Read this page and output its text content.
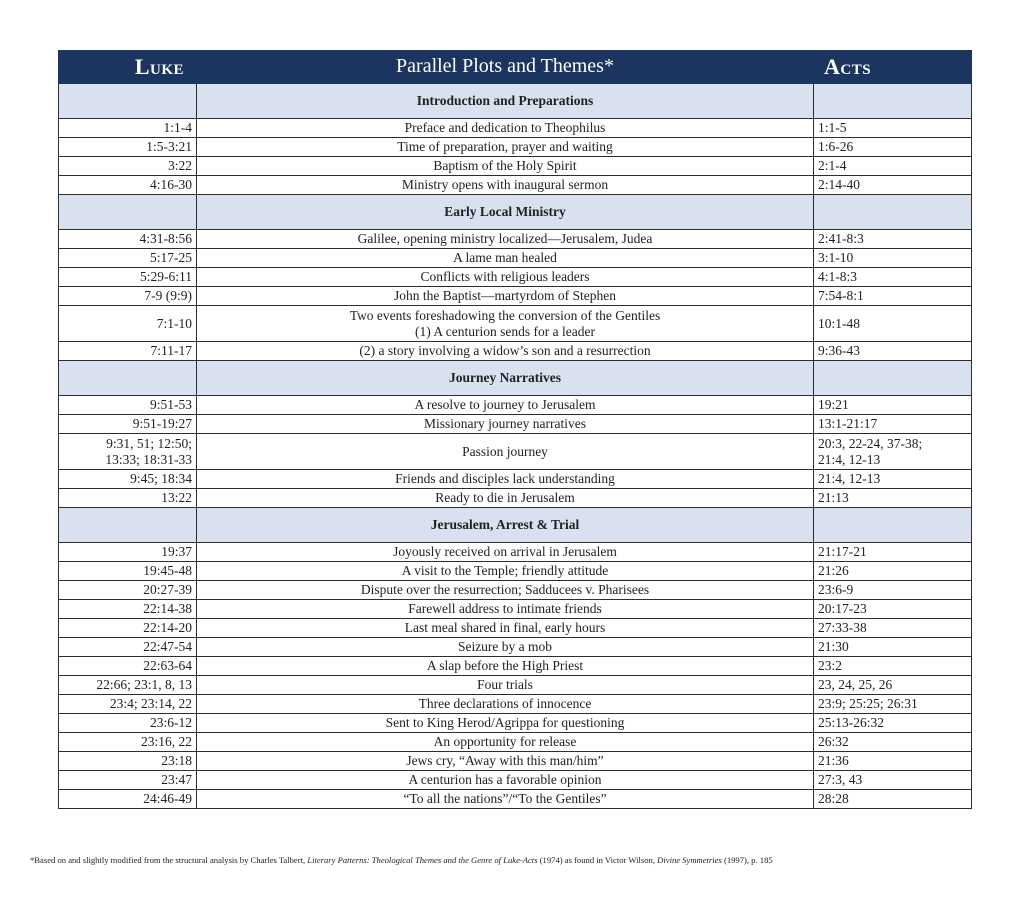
Luke	Parallel Plots and Themes*	Acts
	Introduction and Preparations	

1:1-4	Preface and dedication to Theophilus	1:1-5

1:5-3:21	Time of preparation, prayer and waiting	1:6-26

3:22	Baptism of the Holy Spirit	2:1-4

4:16-30	Ministry opens with inaugural sermon	2:14-40

	Early Local Ministry	

4:31-8:56	Galilee, opening ministry localized—Jerusalem, Judea	2:41-8:3

5:17-25	A lame man healed	3:1-10

5:29-6:11	Conflicts with religious leaders	4:1-8:3

7-9 (9:9)	John the Baptist—martyrdom of Stephen	7:54-8:1

7:1-10	Two events foreshadowing the conversion of the Gentiles
(1) A centurion sends for a leader	10:1-48

7:11-17	(2) a story involving a widow’s son and a resurrection	9:36-43

	Journey Narratives	

9:51-53	A resolve to journey to Jerusalem	19:21

9:51-19:27	Missionary journey narratives	13:1-21:17

9:31, 51; 12:50;
13:33; 18:31-33	Passion journey	20:3, 22-24, 37-38;
21:4, 12-13

9:45; 18:34	Friends and disciples lack understanding	21:4, 12-13

13:22	Ready to die in Jerusalem	21:13

	Jerusalem, Arrest & Trial	

19:37	Joyously received on arrival in Jerusalem	21:17-21

19:45-48	A visit to the Temple; friendly attitude	21:26

20:27-39	Dispute over the resurrection; Sadducees v. Pharisees	23:6-9

22:14-38	Farewell address to intimate friends	20:17-23

22:14-20	Last meal shared in final, early hours	27:33-38

22:47-54	Seizure by a mob	21:30

22:63-64	A slap before the High Priest	23:2

22:66; 23:1, 8, 13	Four trials	23, 24, 25, 26

23:4; 23:14, 22	Three declarations of innocence	23:9; 25:25; 26:31

23:6-12	Sent to King Herod/Agrippa for questioning	25:13-26:32

23:16, 22	An opportunity for release	26:32

23:18	Jews cry, “Away with this man/him”	21:36

23:47	A centurion has a favorable opinion	27:3, 43

24:46-49	“To all the nations”/“To the Gentiles”	28:28
*Based on and slightly modified from the structural analysis by Charles Talbert, Literary Patterns: Theological Themes and the Genre of Luke-Acts (1974) as found in Victor Wilson, Divine Symmetries (1997), p. 185
